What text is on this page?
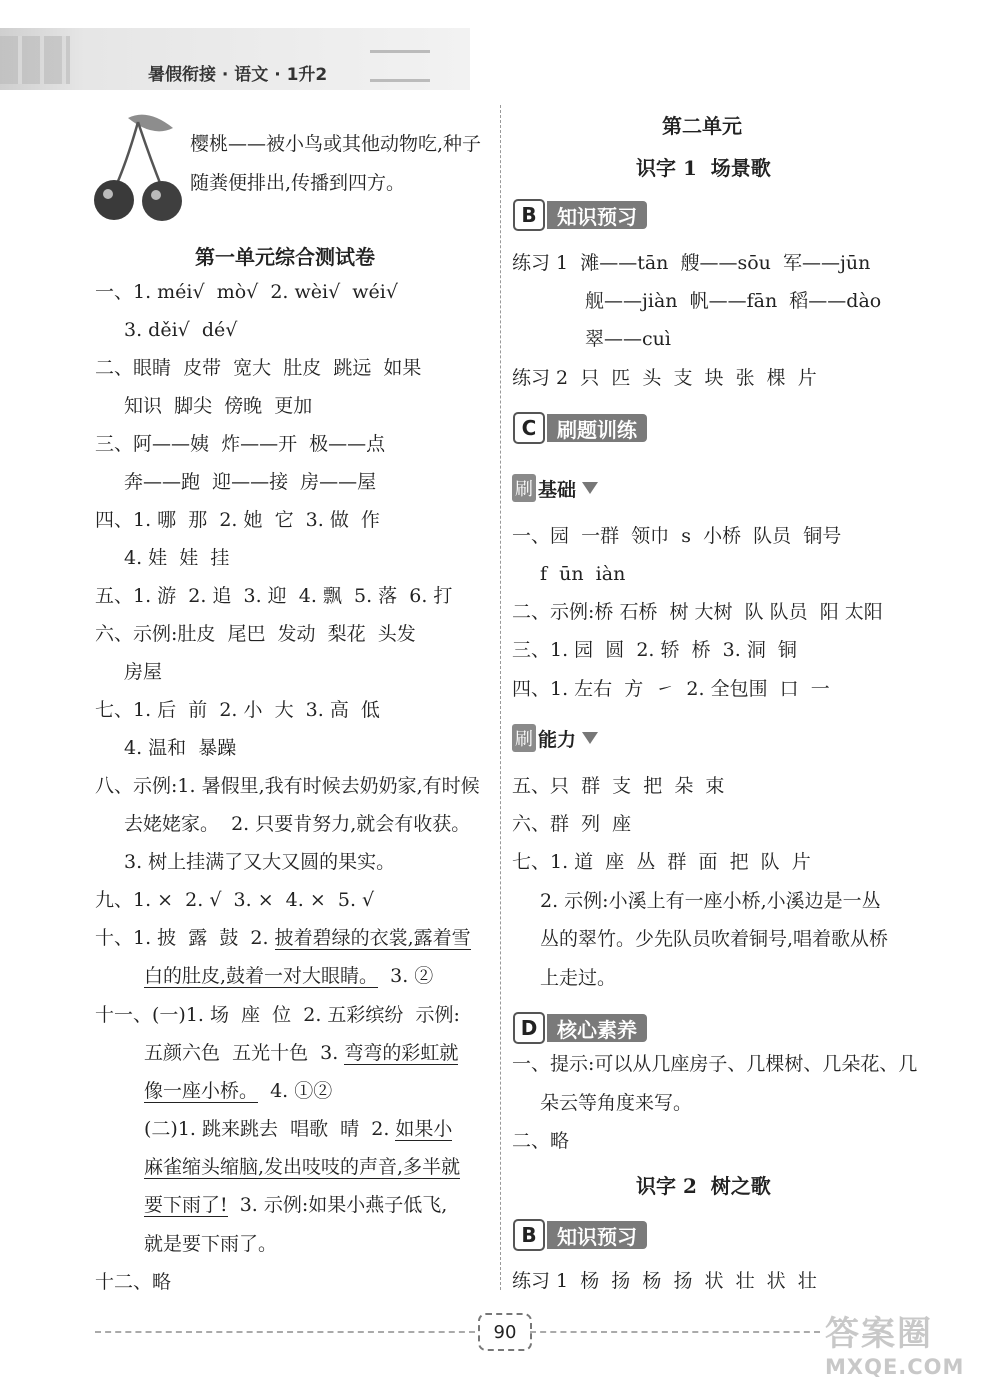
暑假衔接 · 语文 · 1升2
樱桃——被小鸟或其他动物吃,种子
随粪便排出,传播到四方。
第一单元综合测试卷
一、1. méi√  mò√  2. wèi√  wéi√
3. děi√  dé√
二、眼睛  皮带  宽大  肚皮  跳远  如果
知识  脚尖  傍晚  更加
三、阿——姨  炸——开  极——点
奔——跑  迎——接  房——屋
四、1. 哪  那  2. 她  它  3. 做  作
4. 娃  娃  挂
五、1. 游  2. 追  3. 迎  4. 飘  5. 落  6. 打
六、示例:肚皮  尾巴  发动  梨花  头发
房屋
七、1. 后  前  2. 小  大  3. 高  低
4. 温和  暴躁
八、示例:1. 暑假里,我有时候去奶奶家,有时候
去姥姥家。  2. 只要肯努力,就会有收获。
3. 树上挂满了又大又圆的果实。
九、1. ×  2. √  3. ×  4. ×  5. √
十、1. 披  露  鼓  2. 披着碧绿的衣裳,露着雪
白的肚皮,鼓着一对大眼睛。  3. ②
十一、(一)1. 场  座  位  2. 五彩缤纷  示例:
五颜六色  五光十色  3. 弯弯的彩虹就
像一座小桥。  4. ①②
(二)1. 跳来跳去  唱歌  晴  2. 如果小
麻雀缩头缩脑,发出吱吱的声音,多半就
要下雨了!  3. 示例:如果小燕子低飞,
就是要下雨了。
十二、略
第二单元
识字 1  场景歌
B	知识预习
练习 1  滩——tān  艘——sōu  军——jūn
舰——jiàn  帆——fān  稻——dào
翠——cuì
练习 2  只  匹  头  支  块  张  棵  片
C	刷题训练
刷 基础
一、园  一群  领巾  s  小桥  队员  铜号
f  ūn  iàn
二、示例:桥 石桥  树 大树  队 队员  阳 太阳
三、1. 园  圆  2. 轿  桥  3. 洞  铜
四、1. 左右  方  ㇀  2. 全包围  口  一
刷 能力
五、只  群  支  把  朵  束
六、群  列  座
七、1. 道  座  丛  群  面  把  队  片
2. 示例:小溪上有一座小桥,小溪边是一丛
丛的翠竹。少先队员吹着铜号,唱着歌从桥
上走过。
D 核心素养
一、提示:可以从几座房子、几棵树、几朵花、几
朵云等角度来写。
二、略
识字 2  树之歌
B	知识预习
练习 1  杨  扬  杨  扬  状  壮  状  壮
90	答案圈
MXQE.COM
